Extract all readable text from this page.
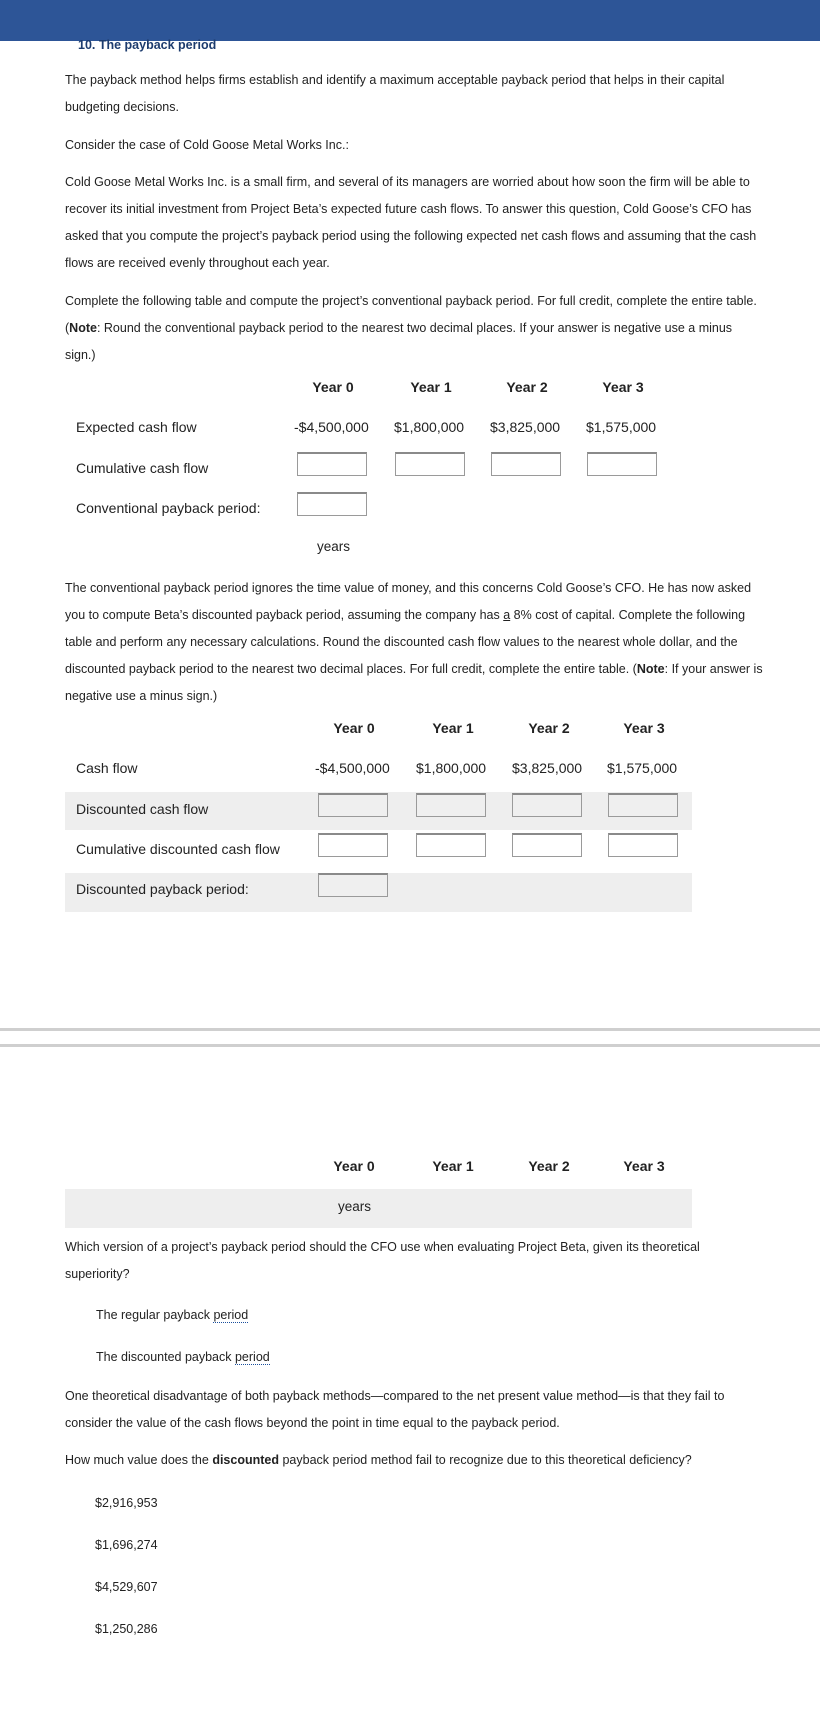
10. The payback period
The payback method helps firms establish and identify a maximum acceptable payback period that helps in their capital budgeting decisions.
Consider the case of Cold Goose Metal Works Inc.:
Cold Goose Metal Works Inc. is a small firm, and several of its managers are worried about how soon the firm will be able to recover its initial investment from Project Beta’s expected future cash flows. To answer this question, Cold Goose’s CFO has asked that you compute the project’s payback period using the following expected net cash flows and assuming that the cash flows are received evenly throughout each year.
Complete the following table and compute the project’s conventional payback period. For full credit, complete the entire table. (Note: Round the conventional payback period to the nearest two decimal places. If your answer is negative use a minus sign.)
Year 0	Year 1	Year 2	Year 3
Expected cash flow	-$4,500,000 $1,800,000 $3,825,000 $1,575,000
Cumulative cash flow
Conventional payback period:
years
The conventional payback period ignores the time value of money, and this concerns Cold Goose’s CFO. He has now asked you to compute Beta’s discounted payback period, assuming the company has a 8% cost of capital. Complete the following table and perform any necessary calculations. Round the discounted cash flow values to the nearest whole dollar, and the discounted payback period to the nearest two decimal places. For full credit, complete the entire table. (Note: If your answer is negative use a minus sign.)
Year 0	Year 1	Year 2	Year 3
Cash flow	-$4,500,000 $1,800,000 $3,825,000 $1,575,000
Discounted cash flow
Cumulative discounted cash flow
Discounted payback period:
Year 0	Year 1	Year 2	Year 3
years
Which version of a project’s payback period should the CFO use when evaluating Project Beta, given its theoretical superiority?
The regular payback period
The discounted payback period
One theoretical disadvantage of both payback methods—compared to the net present value method—is that they fail to consider the value of the cash flows beyond the point in time equal to the payback period.
How much value does the discounted payback period method fail to recognize due to this theoretical deficiency?
$2,916,953
$1,696,274
$4,529,607
$1,250,286
